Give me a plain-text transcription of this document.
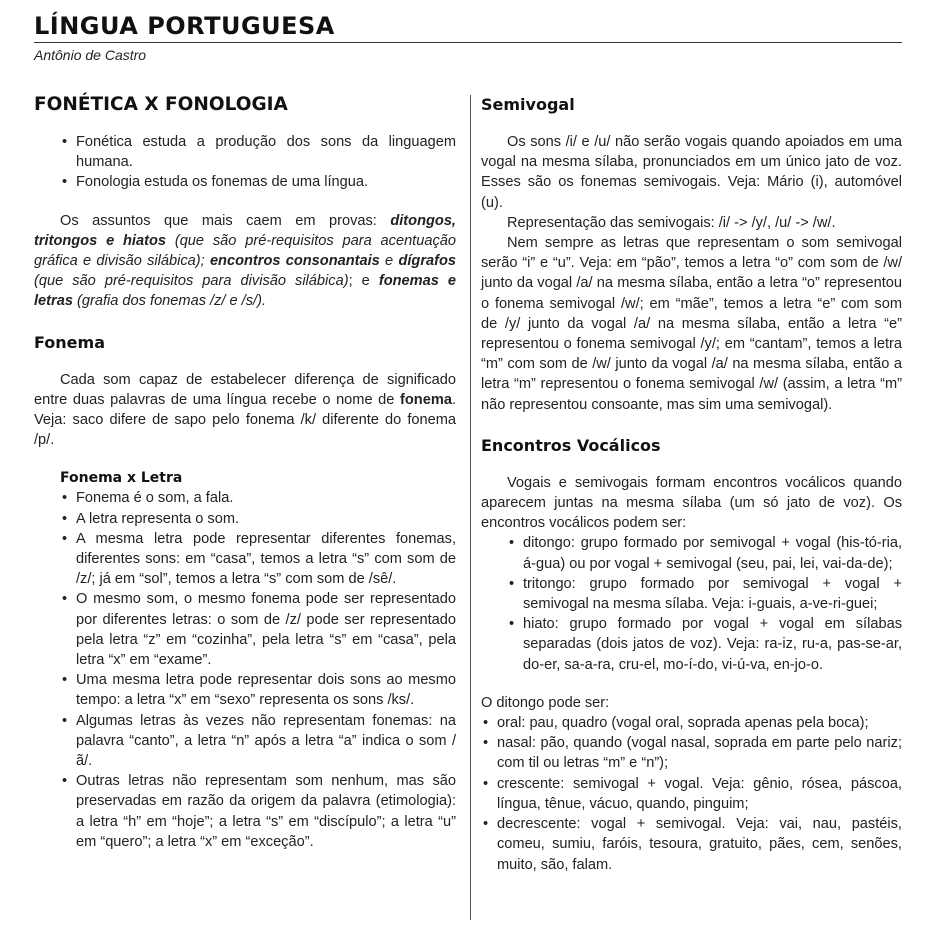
LÍNGUA PORTUGUESA
Antônio de Castro
FONÉTICA X FONOLOGIA
• Fonética estuda a produção dos sons da linguagem humana.
• Fonologia estuda os fonemas de uma língua.

Os assuntos que mais caem em provas: ditongos, tritongos e hiatos (que são pré-requisitos para acentuação gráfica e divisão silábica); encontros consonantais e dígrafos (que são pré-requisitos para divisão silábica); e fonemas e letras (grafia dos fonemas /z/ e /s/).

Fonema

Cada som capaz de estabelecer diferença de significado entre duas palavras de uma língua recebe o nome de fonema. Veja: saco difere de sapo pelo fonema /k/ diferente do fonema /p/.

Fonema x Letra
• Fonema é o som, a fala.
• A letra representa o som.
• A mesma letra pode representar diferentes fonemas, diferentes sons: em “casa”, temos a letra “s” com som de /z/; já em “sol”, temos a letra “s” com som de /sê/.
• O mesmo som, o mesmo fonema pode ser representado por diferentes letras: o som de /z/ pode ser representado pela letra “z” em “cozinha”, pela letra “s” em “casa”, pela letra “x” em “exame”.
• Uma mesma letra pode representar dois sons ao mesmo tempo: a letra “x” em “sexo” representa os sons /ks/.
• Algumas letras às vezes não representam fonemas: na palavra “canto”, a letra “n” após a letra “a” indica o som /ã/.
• Outras letras não representam som nenhum, mas são preservadas em razão da origem da palavra (etimologia): a letra “h” em “hoje”; a letra “s” em “discípulo”; a letra “u” em “quero”; a letra “x” em “exceção”.
Semivogal

Os sons /i/ e /u/ não serão vogais quando apoiados em uma vogal na mesma sílaba, pronunciados em um único jato de voz. Esses são os fonemas semivogais. Veja: Mário (i), automóvel (u).

Representação das semivogais: /i/ -> /y/, /u/ -> /w/.

Nem sempre as letras que representam o som semivogal serão “i” e “u”. Veja: em “pão”, temos a letra “o” com som de /w/ junto da vogal /a/ na mesma sílaba, então a letra “o” representou o fonema semivogal /w/; em “mãe”, temos a letra “e” com som de /y/ junto da vogal /a/ na mesma sílaba, então a letra “e” representou o fonema semivogal /y/; em “cantam”, temos a letra “m” com som de /w/ junto da vogal /a/ na mesma sílaba, então a letra “m” representou o fonema semivogal /w/ (assim, a letra “m” não representou consoante, mas sim uma semivogal).

Encontros Vocálicos

Vogais e semivogais formam encontros vocálicos quando aparecem juntas na mesma sílaba (um só jato de voz). Os encontros vocálicos podem ser:

• ditongo: grupo formado por semivogal + vogal (his-tó-ria, á-gua) ou por vogal + semivogal (seu, pai, lei, vai-da-de);
• tritongo: grupo formado por semivogal + vogal + semivogal na mesma sílaba. Veja: i-guais, a-ve-ri-guei;
• hiato: grupo formado por vogal + vogal em sílabas separadas (dois jatos de voz). Veja: ra-iz, ru-a, pas-se-ar, do-er, sa-a-ra, cru-el, mo-í-do, vi-ú-va, en-jo-o.

O ditongo pode ser:

• oral: pau, quadro (vogal oral, soprada apenas pela boca);
• nasal: pão, quando (vogal nasal, soprada em parte pelo nariz; com til ou letras “m” e “n”);
• crescente: semivogal + vogal. Veja: gênio, rósea, páscoa, língua, tênue, vácuo, quando, pinguim;
• decrescente: vogal + semivogal. Veja: vai, nau, pastéis, comeu, sumiu, faróis, tesoura, gratuito, pães, cem, senões, muito, são, falam.
